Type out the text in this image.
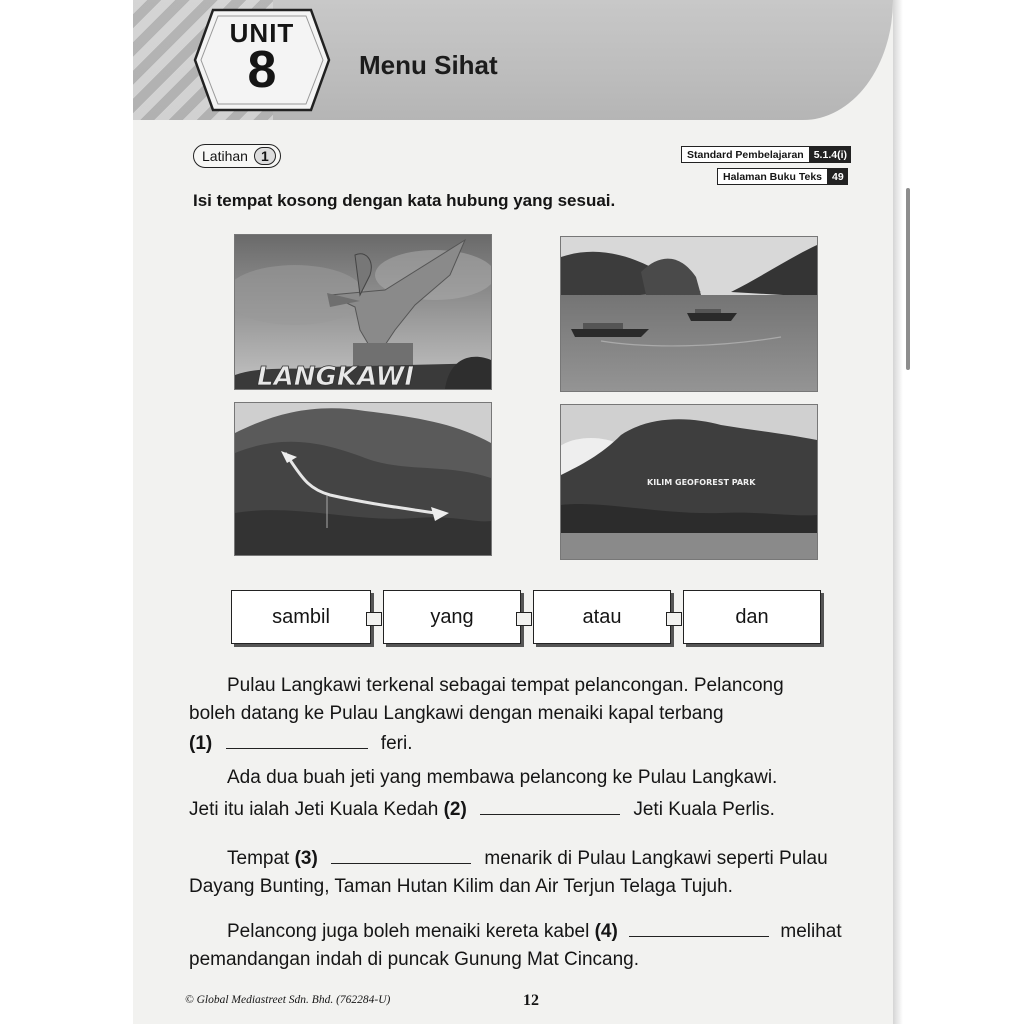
UNIT
8	Menu Sihat
Latihan 1	Standard Pembelajaran 5.1.4(i)
Halaman Buku Teks 49
Isi tempat kosong dengan kata hubung yang sesuai.
LANGKAWI
KILIM GEOFOREST PARK
sambil	yang	atau	dan
Pulau Langkawi terkenal sebagai tempat pelancongan. Pelancong
boleh datang ke Pulau Langkawi dengan menaiki kapal terbang
(1)	feri.
Ada dua buah jeti yang membawa pelancong ke Pulau Langkawi.
Jeti itu ialah Jeti Kuala Kedah (2)	Jeti Kuala Perlis.
Tempat (3)	menarik di Pulau Langkawi seperti Pulau
Dayang Bunting, Taman Hutan Kilim dan Air Terjun Telaga Tujuh.
Pelancong juga boleh menaiki kereta kabel (4)	melihat
pemandangan indah di puncak Gunung Mat Cincang.
© Global Mediastreet Sdn. Bhd. (762284-U)	12
